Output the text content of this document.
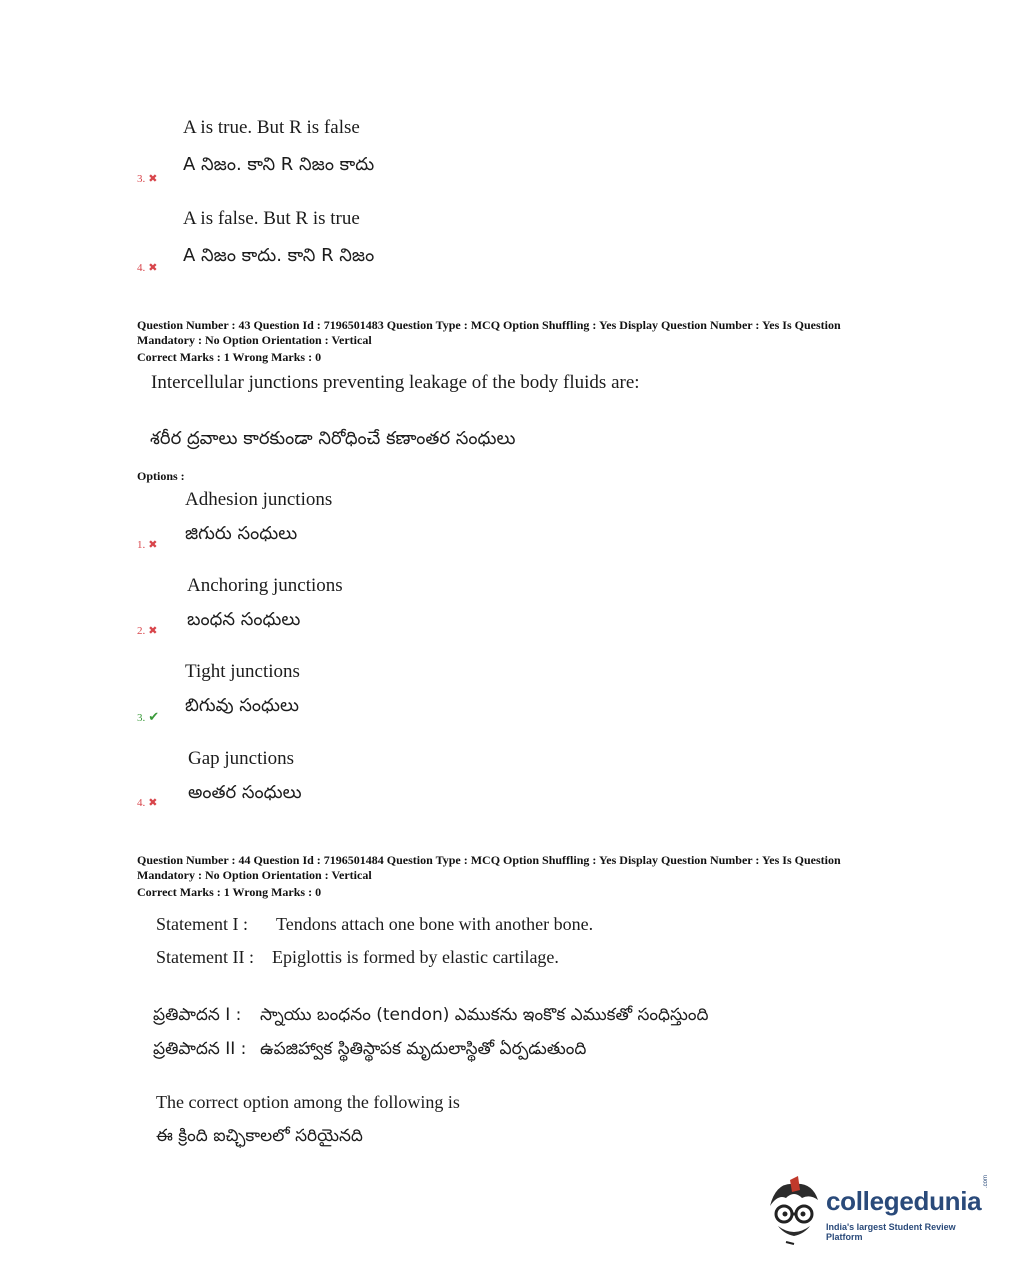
A is true. But R is false
A నిజం. కాని R నిజం కాదు
3. ✖
A is false. But R is true
A నిజం కాదు. కాని R నిజం
4. ✖
Question Number : 43 Question Id : 7196501483 Question Type : MCQ Option Shuffling : Yes Display Question Number : Yes Is Question
Mandatory : No Option Orientation : Vertical
Correct Marks : 1 Wrong Marks : 0
Intercellular junctions preventing leakage of the body fluids are:
శరీర ద్రవాలు కారకుండా నిరోధించే కణాంతర సంధులు
Options :
Adhesion junctions
జిగురు సంధులు
1. ✖
Anchoring junctions
బంధన సంధులు
2. ✖
Tight junctions
బిగువు సంధులు
3. ✔
Gap junctions
అంతర సంధులు
4. ✖
Question Number : 44 Question Id : 7196501484 Question Type : MCQ Option Shuffling : Yes Display Question Number : Yes Is Question
Mandatory : No Option Orientation : Vertical
Correct Marks : 1 Wrong Marks : 0
Statement I : Tendons attach one bone with another bone.
Statement II : Epiglottis is formed by elastic cartilage.
ప్రతిపాదన I : స్నాయు బంధనం (tendon) ఎముకను ఇంకొక ఎముకతో సంధిస్తుంది
ప్రతిపాదన II : ఉపజిహ్వాక స్థితిస్థాపక మృదులాస్థితో ఏర్పడుతుంది
The correct option among the following is
ఈ క్రింది ఐచ్ఛికాలలో సరియైనది
collegedunia
.com
India's largest Student Review Platform
